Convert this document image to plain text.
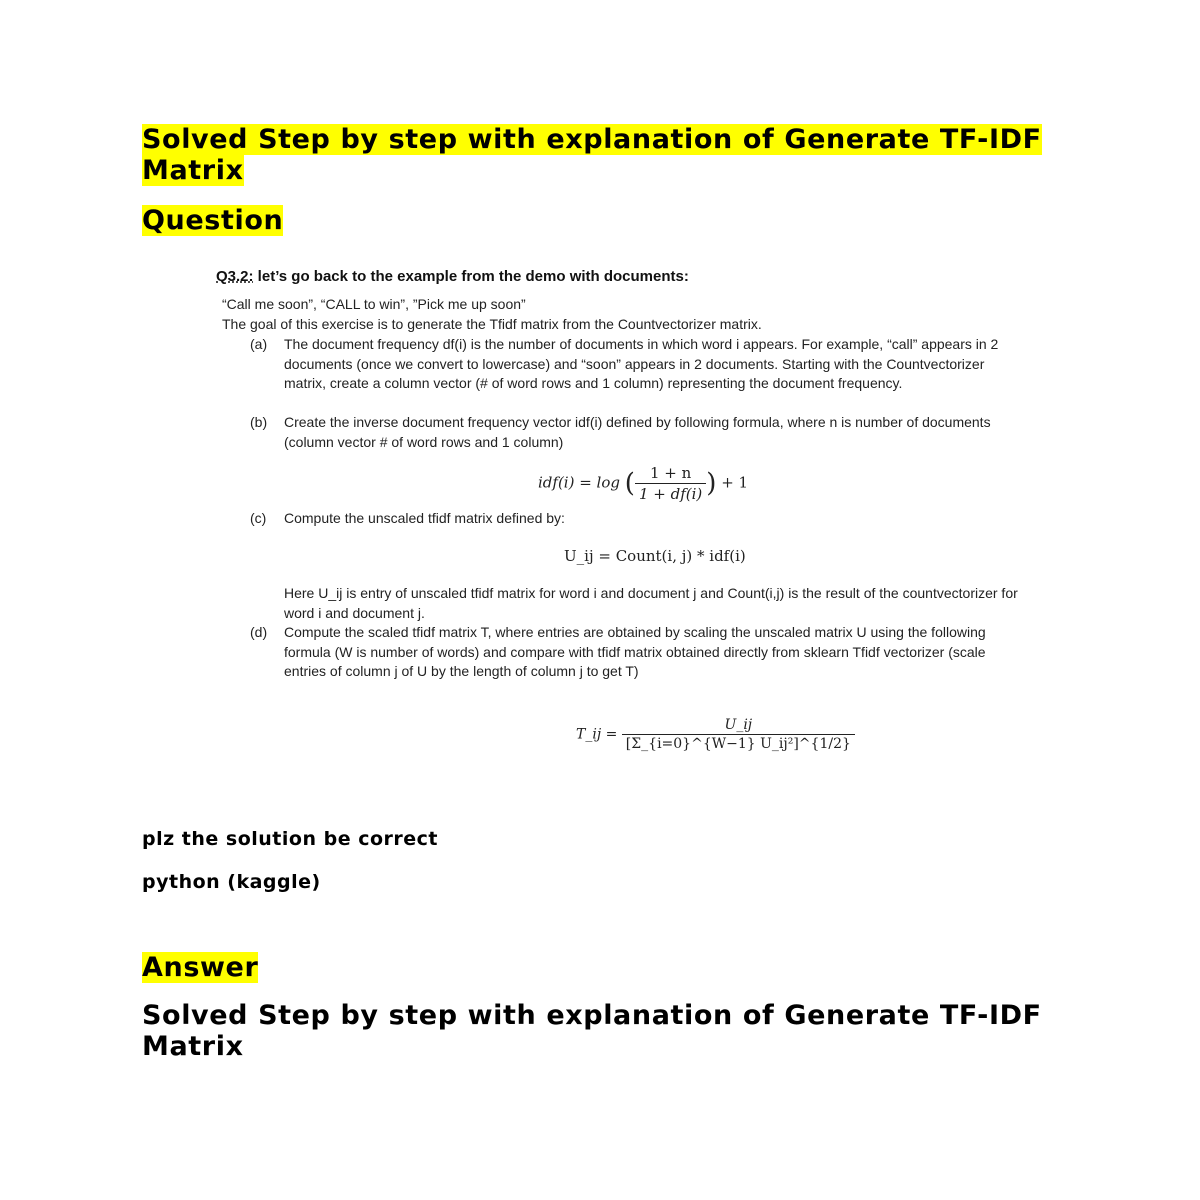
Solved Step by step with explanation of Generate TF-IDF Matrix
Question
Q3.2: let’s go back to the example from the demo with documents:
“Call me soon”, “CALL to win”, ”Pick me up soon”
The goal of this exercise is to generate the Tfidf matrix from the Countvectorizer matrix.
(a) The document frequency df(i) is the number of documents in which word i appears. For example, “call” appears in 2 documents (once we convert to lowercase) and “soon” appears in 2 documents. Starting with the Countvectorizer matrix, create a column vector (# of word rows and 1 column) representing the document frequency.
(b) Create the inverse document frequency vector idf(i) defined by following formula, where n is number of documents (column vector # of word rows and 1 column)
idf(i) = log ( $\frac{1 + n}{1 + df(i)}$ ) + 1
(c) Compute the unscaled tfidf matrix defined by:
U_ij = Count(i, j) * idf(i)
Here U_ij is entry of unscaled tfidf matrix for word i and document j and Count(i,j) is the result of the countvectorizer for word i and document j.
(d) Compute the scaled tfidf matrix T, where entries are obtained by scaling the unscaled matrix U using the following formula (W is number of words) and compare with tfidf matrix obtained directly from sklearn Tfidf vectorizer (scale entries of column j of U by the length of column j to get T)
T_ij = $\frac{U\_ij}{\text{[Σ\_\{i=0\}\textasciicircum{}\{W−1\} U\_ij²]\textasciicircum{}\{1/2\}}}$

plz the solution be correct

python (kaggle)

Answer
Solved Step by step with explanation of Generate TF-IDF Matrix
